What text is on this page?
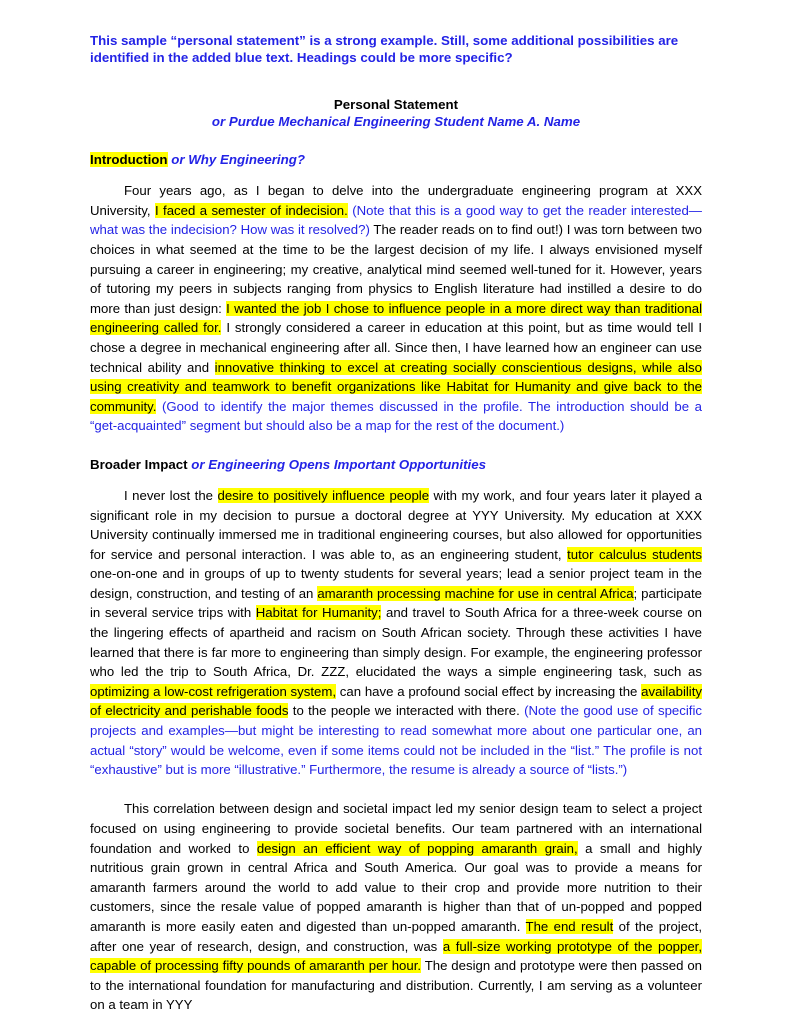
This sample “personal statement” is a strong example. Still, some additional possibilities are identified in the added blue text. Headings could be more specific?
Personal Statement
or Purdue Mechanical Engineering Student Name A. Name
Introduction or Why Engineering?

Four years ago, as I began to delve into the undergraduate engineering program at XXX University, I faced a semester of indecision. (Note that this is a good way to get the reader interested—what was the indecision? How was it resolved?) The reader reads on to find out!) I was torn between two choices in what seemed at the time to be the largest decision of my life. I always envisioned myself pursuing a career in engineering; my creative, analytical mind seemed well-tuned for it. However, years of tutoring my peers in subjects ranging from physics to English literature had instilled a desire to do more than just design: I wanted the job I chose to influence people in a more direct way than traditional engineering called for. I strongly considered a career in education at this point, but as time would tell I chose a degree in mechanical engineering after all. Since then, I have learned how an engineer can use technical ability and innovative thinking to excel at creating socially conscientious designs, while also using creativity and teamwork to benefit organizations like Habitat for Humanity and give back to the community. (Good to identify the major themes discussed in the profile. The introduction should be a “get-acquainted” segment but should also be a map for the rest of the document.)

Broader Impact or Engineering Opens Important Opportunities

I never lost the desire to positively influence people with my work, and four years later it played a significant role in my decision to pursue a doctoral degree at YYY University. My education at XXX University continually immersed me in traditional engineering courses, but also allowed for opportunities for service and personal interaction. I was able to, as an engineering student, tutor calculus students one-on-one and in groups of up to twenty students for several years; lead a senior project team in the design, construction, and testing of an amaranth processing machine for use in central Africa; participate in several service trips with Habitat for Humanity; and travel to South Africa for a three-week course on the lingering effects of apartheid and racism on South African society. Through these activities I have learned that there is far more to engineering than simply design. For example, the engineering professor who led the trip to South Africa, Dr. ZZZ, elucidated the ways a simple engineering task, such as optimizing a low-cost refrigeration system, can have a profound social effect by increasing the availability of electricity and perishable foods to the people we interacted with there. (Note the good use of specific projects and examples—but might be interesting to read somewhat more about one particular one, an actual “story” would be welcome, even if some items could not be included in the “list.” The profile is not “exhaustive” but is more “illustrative.” Furthermore, the resume is already a source of “lists.”)

This correlation between design and societal impact led my senior design team to select a project focused on using engineering to provide societal benefits. Our team partnered with an international foundation and worked to design an efficient way of popping amaranth grain, a small and highly nutritious grain grown in central Africa and South America. Our goal was to provide a means for amaranth farmers around the world to add value to their crop and provide more nutrition to their customers, since the resale value of popped amaranth is higher than that of un-popped and popped amaranth is more easily eaten and digested than un-popped amaranth. The end result of the project, after one year of research, design, and construction, was a full-size working prototype of the popper, capable of processing fifty pounds of amaranth per hour. The design and prototype were then passed on to the international foundation for manufacturing and distribution. Currently, I am serving as a volunteer on a team in YYY
